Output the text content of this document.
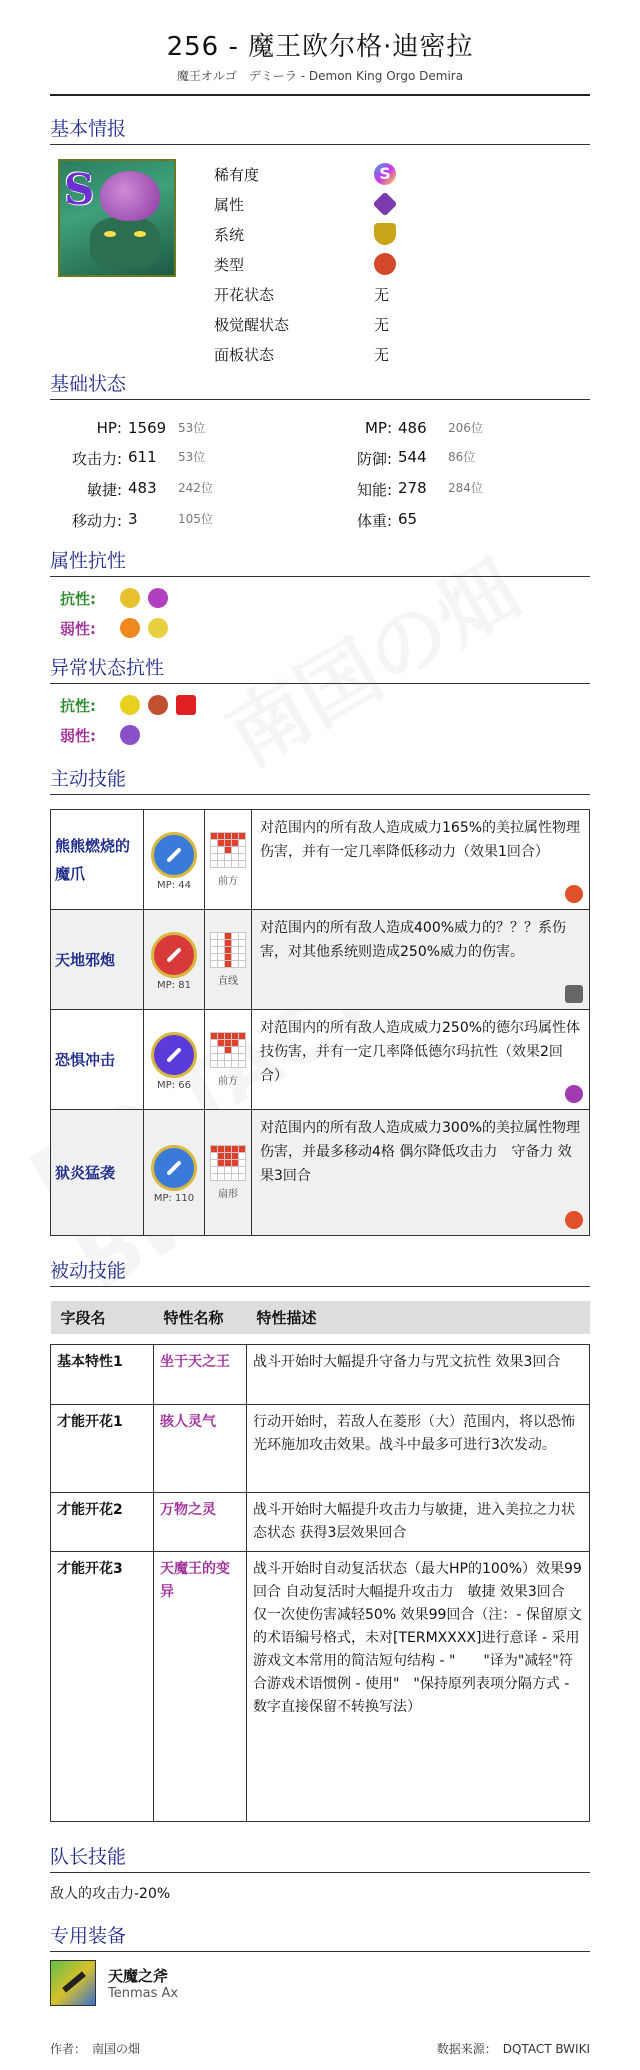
256 - 魔王欧尔格·迪密拉
魔王オルゴ　デミーラ - Demon King Orgo Demira
基本情报
S	稀有度	S
属性
系统
类型
开花状态	无
极觉醒状态	无
面板状态	无
基础状态
HP: 1569 53位	MP: 486	206位
攻击力: 611	53位	防御: 544	86位
敏捷: 483	242位	知能: 278	284位
移动力: 3	105位	体重: 65
属性抗性
抗性:
弱性:
异常状态抗性
抗性:
弱性:
主动技能
熊熊燃烧的魔爪	MP: 44	前方	对范围内的所有敌人造成威力165%的美拉属性物理伤害，并有一定几率降低移动力（效果1回合）

天地邪炮	MP: 81	直线	对范围内的所有敌人造成400%威力的？？？系伤害，对其他系统则造成250%威力的伤害。

恐惧冲击	MP: 66	前方	对范围内的所有敌人造成威力250%的德尔玛属性体技伤害，并有一定几率降低德尔玛抗性（效果2回合）

狱炎猛袭	MP: 110	扇形	对范围内的所有敌人造成威力300%的美拉属性物理伤害，并最多移动4格 偶尔降低攻击力　守备力 效果3回合
被动技能
字段名	特性名称	特性描述

基本特性1	坐于天之王	战斗开始时大幅提升守备力与咒文抗性 效果3回合
才能开花1	骇人灵气	行动开始时，若敌人在菱形（大）范围内，将以恐怖光环施加攻击效果。战斗中最多可进行3次发动。
才能开花2	万物之灵	战斗开始时大幅提升攻击力与敏捷，进入美拉之力状态状态 获得3层效果回合
才能开花3	天魔王的变异	战斗开始时自动复活状态（最大HP的100%）效果99回合 自动复活时大幅提升攻击力　敏捷 效果3回合 仅一次使伤害减轻50% 效果99回合（注：- 保留原文的术语编号格式，未对[TERMXXXX]进行意译 - 采用游戏文本常用的简洁短句结构 - "　　"译为"减轻"符合游戏术语惯例 - 使用"　"保持原列表项分隔方式 - 数字直接保留不转换写法）
队长技能
敌人的攻击力-20%
专用装备
天魔之斧
Tenmas Ax
作者：　南国の畑	数据来源：　DQTACT BWIKI
